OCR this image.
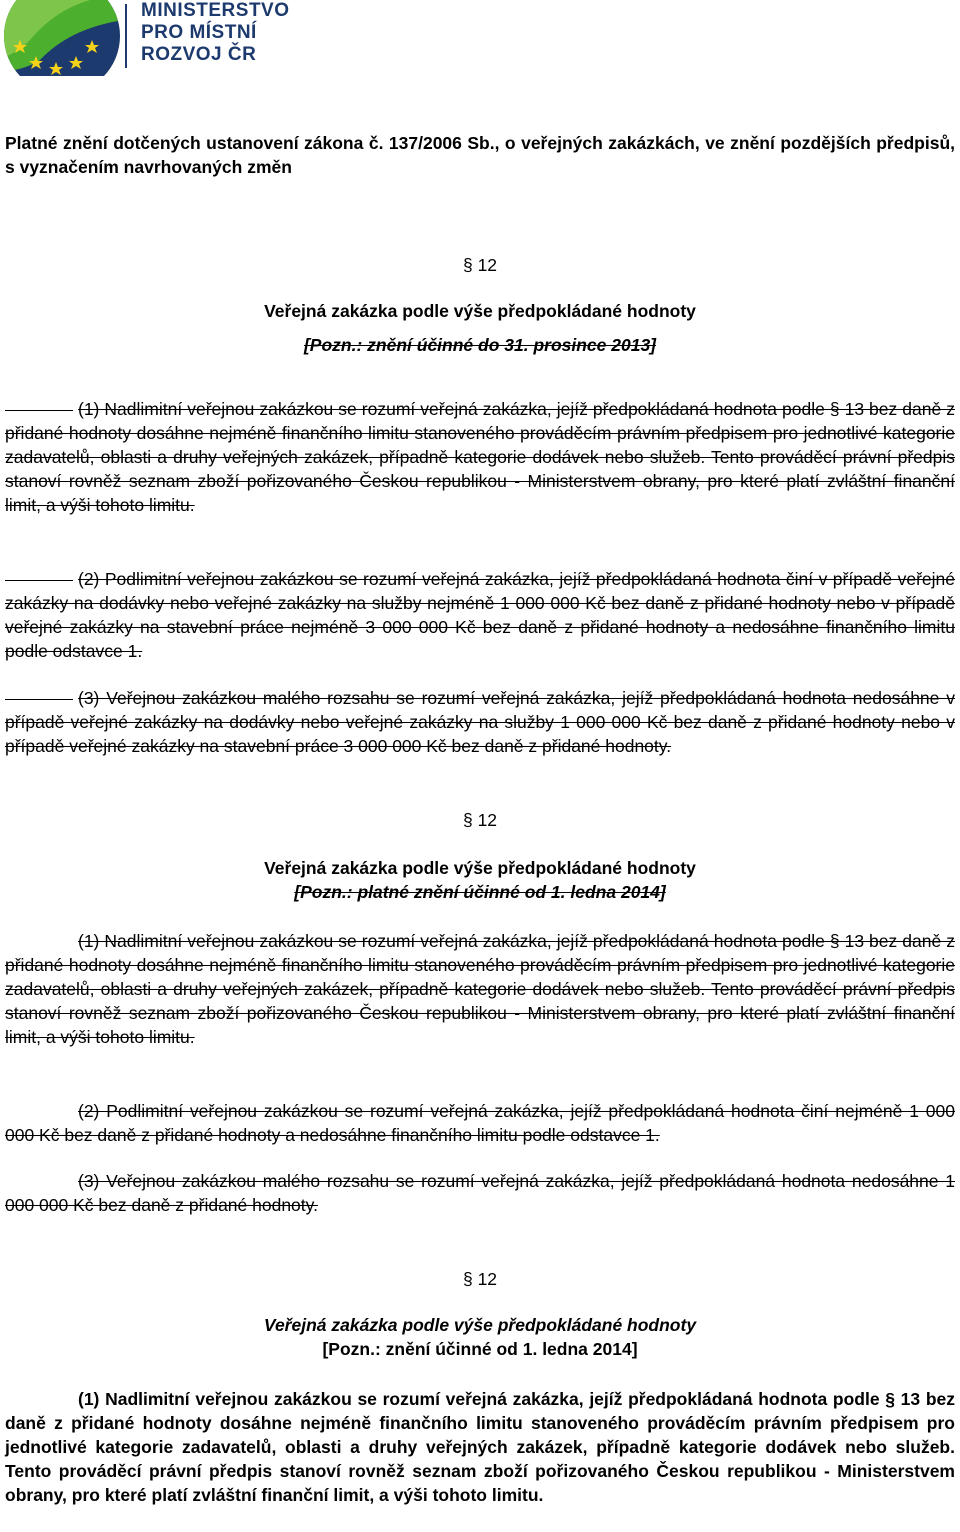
MINISTERSTVO
PRO MÍSTNÍ
ROZVOJ ČR
Platné znění dotčených ustanovení zákona č. 137/2006 Sb., o veřejných zakázkách, ve znění pozdějších předpisů, s vyznačením navrhovaných změn
§ 12
Veřejná zakázka podle výše předpokládané hodnoty
[Pozn.: znění účinné do 31. prosince 2013]

(1) Nadlimitní veřejnou zakázkou se rozumí veřejná zakázka, jejíž předpokládaná hodnota podle § 13 bez daně z přidané hodnoty dosáhne nejméně finančního limitu stanoveného prováděcím právním předpisem pro jednotlivé kategorie zadavatelů, oblasti a druhy veřejných zakázek, případně kategorie dodávek nebo služeb. Tento prováděcí právní předpis stanoví rovněž seznam zboží pořizovaného Českou republikou - Ministerstvem obrany, pro které platí zvláštní finanční limit, a výši tohoto limitu.

(2) Podlimitní veřejnou zakázkou se rozumí veřejná zakázka, jejíž předpokládaná hodnota činí v případě veřejné zakázky na dodávky nebo veřejné zakázky na služby nejméně 1 000 000 Kč bez daně z přidané hodnoty nebo v případě veřejné zakázky na stavební práce nejméně 3 000 000 Kč bez daně z přidané hodnoty a nedosáhne finančního limitu podle odstavce 1.

(3) Veřejnou zakázkou malého rozsahu se rozumí veřejná zakázka, jejíž předpokládaná hodnota nedosáhne v případě veřejné zakázky na dodávky nebo veřejné zakázky na služby 1 000 000 Kč bez daně z přidané hodnoty nebo v případě veřejné zakázky na stavební práce 3 000 000 Kč bez daně z přidané hodnoty.

§ 12
Veřejná zakázka podle výše předpokládané hodnoty
[Pozn.: platné znění účinné od 1. ledna 2014]

(1) Nadlimitní veřejnou zakázkou se rozumí veřejná zakázka, jejíž předpokládaná hodnota podle § 13 bez daně z přidané hodnoty dosáhne nejméně finančního limitu stanoveného prováděcím právním předpisem pro jednotlivé kategorie zadavatelů, oblasti a druhy veřejných zakázek, případně kategorie dodávek nebo služeb. Tento prováděcí právní předpis stanoví rovněž seznam zboží pořizovaného Českou republikou - Ministerstvem obrany, pro které platí zvláštní finanční limit, a výši tohoto limitu.

(2) Podlimitní veřejnou zakázkou se rozumí veřejná zakázka, jejíž předpokládaná hodnota činí nejméně 1 000 000 Kč bez daně z přidané hodnoty a nedosáhne finančního limitu podle odstavce 1.

(3) Veřejnou zakázkou malého rozsahu se rozumí veřejná zakázka, jejíž předpokládaná hodnota nedosáhne 1 000 000 Kč bez daně z přidané hodnoty.

§ 12
Veřejná zakázka podle výše předpokládané hodnoty
[Pozn.: znění účinné od 1. ledna 2014]

(1) Nadlimitní veřejnou zakázkou se rozumí veřejná zakázka, jejíž předpokládaná hodnota podle § 13 bez daně z přidané hodnoty dosáhne nejméně finančního limitu stanoveného prováděcím právním předpisem pro jednotlivé kategorie zadavatelů, oblasti a druhy veřejných zakázek, případně kategorie dodávek nebo služeb. Tento prováděcí právní předpis stanoví rovněž seznam zboží pořizovaného Českou republikou - Ministerstvem obrany, pro které platí zvláštní finanční limit, a výši tohoto limitu.
